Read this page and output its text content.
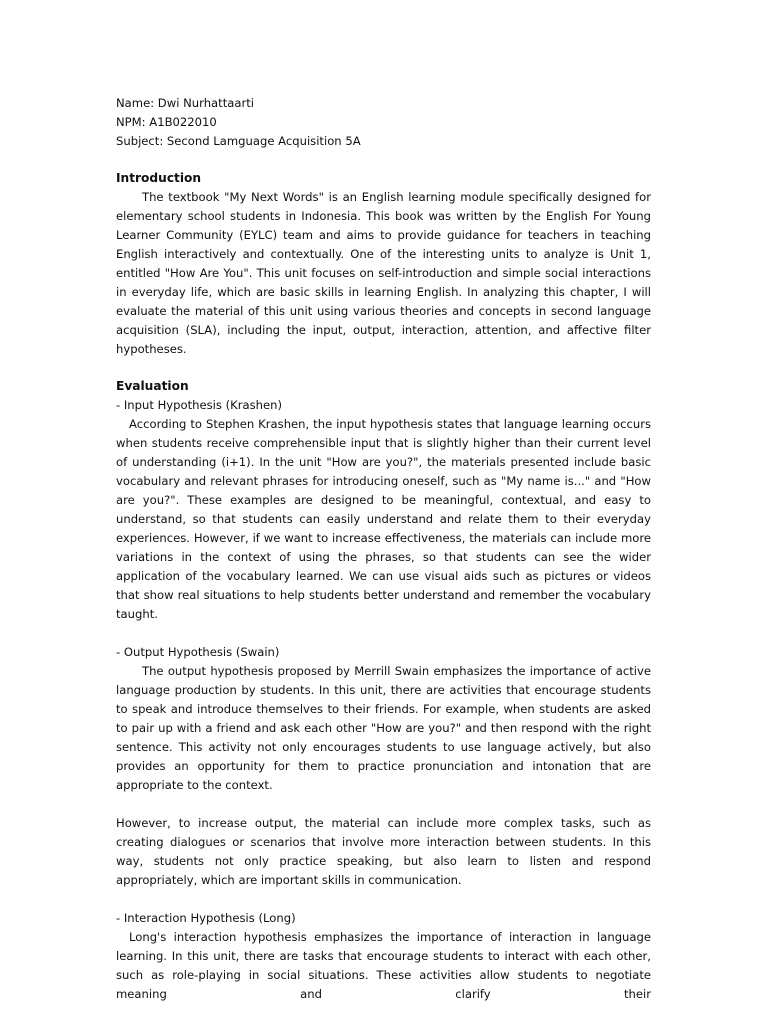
Name: Dwi Nurhattaarti
NPM: A1B022010
Subject: Second Lamguage Acquisition 5A
Introduction

The textbook "My Next Words" is an English learning module specifically designed for elementary school students in Indonesia. This book was written by the English For Young Learner Community (EYLC) team and aims to provide guidance for teachers in teaching English interactively and contextually. One of the interesting units to analyze is Unit 1, entitled "How Are You". This unit focuses on self-introduction and simple social interactions in everyday life, which are basic skills in learning English. In analyzing this chapter, I will evaluate the material of this unit using various theories and concepts in second language acquisition (SLA), including the input, output, interaction, attention, and affective filter hypotheses.

Evaluation
- Input Hypothesis (Krashen)

According to Stephen Krashen, the input hypothesis states that language learning occurs when students receive comprehensible input that is slightly higher than their current level of understanding (i+1). In the unit "How are you?", the materials presented include basic vocabulary and relevant phrases for introducing oneself, such as "My name is..." and "How are you?". These examples are designed to be meaningful, contextual, and easy to understand, so that students can easily understand and relate them to their everyday experiences. However, if we want to increase effectiveness, the materials can include more variations in the context of using the phrases, so that students can see the wider application of the vocabulary learned. We can use visual aids such as pictures or videos that show real situations to help students better understand and remember the vocabulary taught.

- Output Hypothesis (Swain)

The output hypothesis proposed by Merrill Swain emphasizes the importance of active language production by students. In this unit, there are activities that encourage students to speak and introduce themselves to their friends. For example, when students are asked to pair up with a friend and ask each other "How are you?" and then respond with the right sentence. This activity not only encourages students to use language actively, but also provides an opportunity for them to practice pronunciation and intonation that are appropriate to the context.

However, to increase output, the material can include more complex tasks, such as creating dialogues or scenarios that involve more interaction between students. In this way, students not only practice speaking, but also learn to listen and respond appropriately, which are important skills in communication.

- Interaction Hypothesis (Long)

Long's interaction hypothesis emphasizes the importance of interaction in language learning. In this unit, there are tasks that encourage students to interact with each other, such as role-playing in social situations. These activities allow students to negotiate meaning and clarify their
